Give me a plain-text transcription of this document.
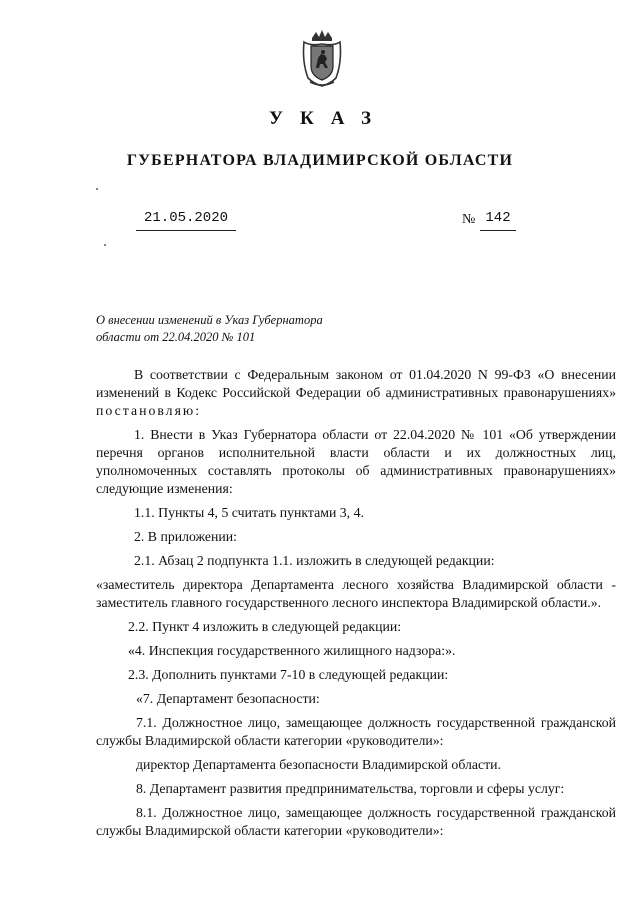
УКАЗ
ГУБЕРНАТОРА ВЛАДИМИРСКОЙ ОБЛАСТИ
21.05.2020	№ 142
О внесении изменений в Указ Губернатора
области от 22.04.2020 № 101

В соответствии с Федеральным законом от 01.04.2020 N 99-ФЗ «О внесении изменений в Кодекс Российской Федерации об административных правонарушениях» постановляю:

1. Внести в Указ Губернатора области от 22.04.2020 № 101 «Об утверждении перечня органов исполнительной власти области и их должностных лиц, уполномоченных составлять протоколы об административных правонарушениях» следующие изменения:

1.1. Пункты 4, 5 считать пунктами 3, 4.

2. В приложении:

2.1. Абзац 2 подпункта 1.1. изложить в следующей редакции:

«заместитель директора Департамента лесного хозяйства Владимирской области - заместитель главного государственного лесного инспектора Владимирской области.».

2.2. Пункт 4 изложить в следующей редакции:

«4. Инспекция государственного жилищного надзора:».

2.3. Дополнить пунктами 7-10 в следующей редакции:

«7. Департамент безопасности:

7.1. Должностное лицо, замещающее должность государственной гражданской службы Владимирской области категории «руководители»:

директор Департамента безопасности Владимирской области.

8. Департамент развития предпринимательства, торговли и сферы услуг:

8.1. Должностное лицо, замещающее должность государственной гражданской службы Владимирской области категории «руководители»:
